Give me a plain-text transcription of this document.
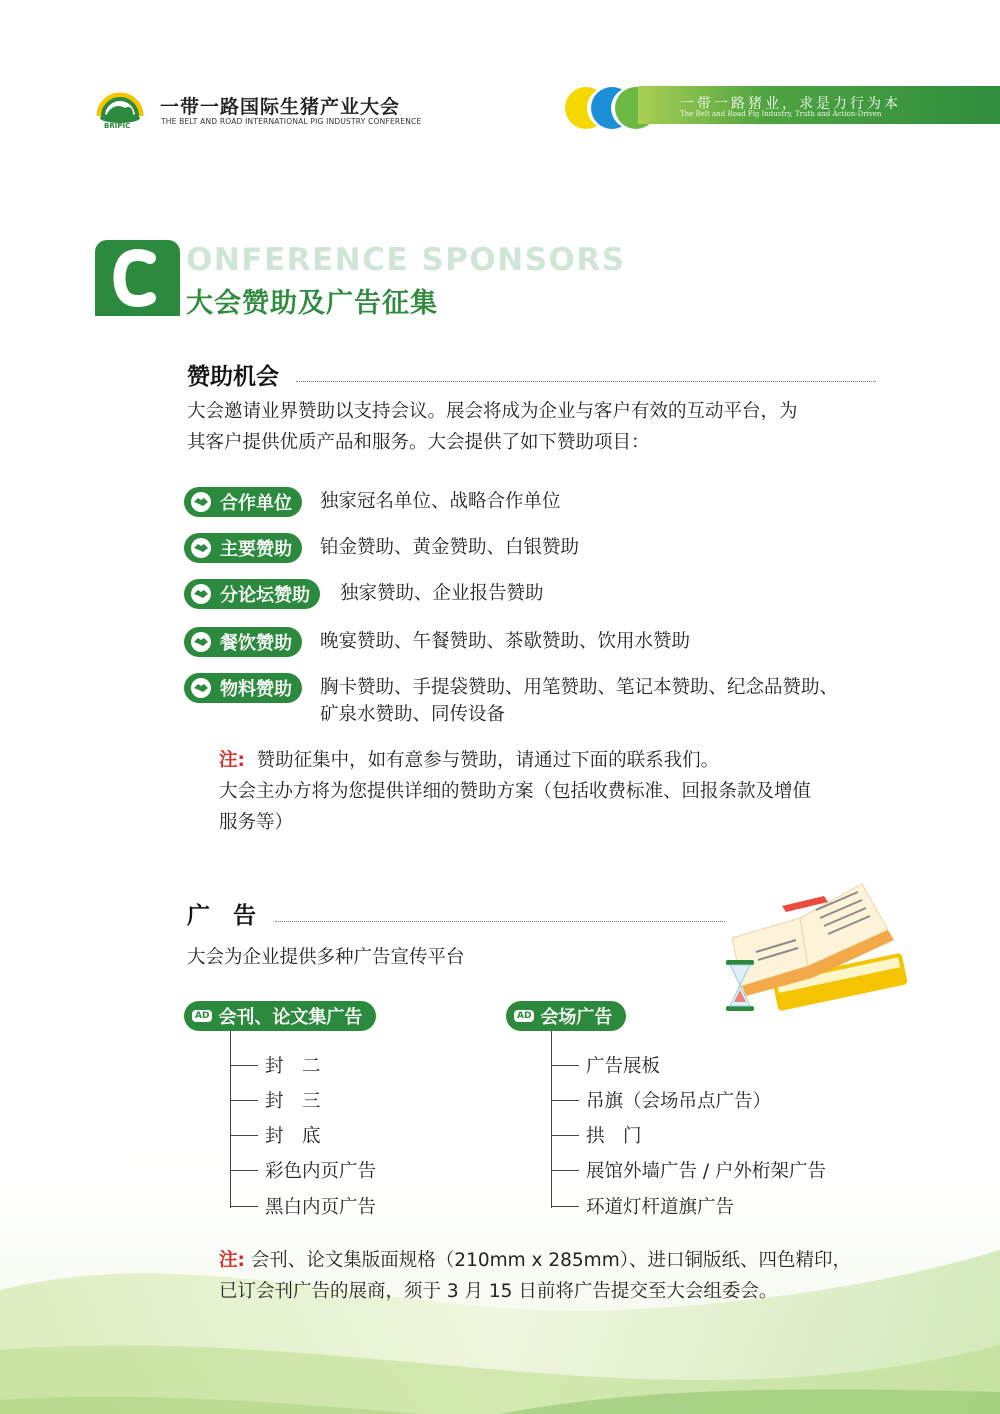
BRIPIC
一带一路国际生猪产业大会
THE BELT AND ROAD INTERNATIONAL PIG INDUSTRY CONFERENCE
一带一路猪业，求是力行为本
The Belt and Road Pig Industry, Truth and Action-Driven
ONFERENCE SPONSORS
大会赞助及广告征集
赞助机会
大会邀请业界赞助以支持会议。展会将成为企业与客户有效的互动平台，为
其客户提供优质产品和服务。大会提供了如下赞助项目：
合作单位 独家冠名单位、战略合作单位
主要赞助 铂金赞助、黄金赞助、白银赞助
分论坛赞助 独家赞助、企业报告赞助
餐饮赞助 晚宴赞助、午餐赞助、茶歇赞助、饮用水赞助
物料赞助 胸卡赞助、手提袋赞助、用笔赞助、笔记本赞助、纪念品赞助、
矿泉水赞助、同传设备
注: 赞助征集中，如有意参与赞助，请通过下面的联系我们。
大会主办方将为您提供详细的赞助方案（包括收费标准、回报条款及增值
服务等）
广　告
大会为企业提供多种广告宣传平台
AD 会刊、论文集广告
封　二
封　三
封　底
彩色内页广告
黑白内页广告
AD 会场广告
广告展板
吊旗（会场吊点广告）
拱　门
展馆外墙广告 / 户外桁架广告
环道灯杆道旗广告
注: 会刊、论文集版面规格（210mm x 285mm）、进口铜版纸、四色精印，
已订会刊广告的展商，须于 3 月 15 日前将广告提交至大会组委会。
